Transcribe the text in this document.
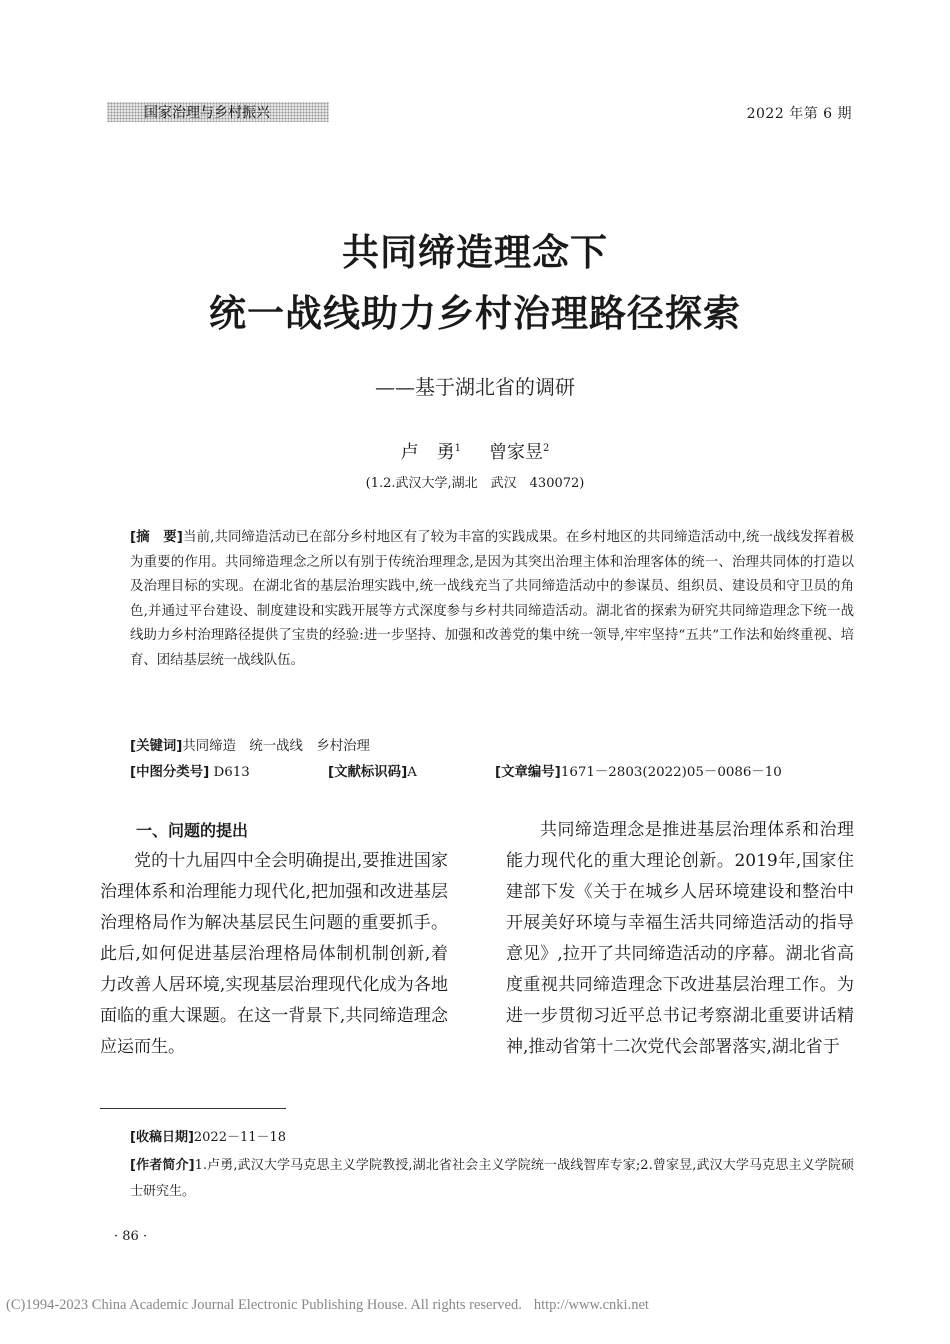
国家治理与乡村振兴	2022 年第 6 期
共同缔造理念下
统一战线助力乡村治理路径探索
——基于湖北省的调研
卢　勇$^1$ 曾家昱$^2$
(1.2.武汉大学,湖北　武汉　430072)
[摘　要]当前,共同缔造活动已在部分乡村地区有了较为丰富的实践成果。在乡村地区的共同缔造活动中,统一战线发挥着极为重要的作用。共同缔造理念之所以有别于传统治理理念,是因为其突出治理主体和治理客体的统一、治理共同体的打造以及治理目标的实现。在湖北省的基层治理实践中,统一战线充当了共同缔造活动中的参谋员、组织员、建设员和守卫员的角色,并通过平台建设、制度建设和实践开展等方式深度参与乡村共同缔造活动。湖北省的探索为研究共同缔造理念下统一战线助力乡村治理路径提供了宝贵的经验:进一步坚持、加强和改善党的集中统一领导,牢牢坚持“五共”工作法和始终重视、培育、团结基层统一战线队伍。
[关键词]共同缔造　统一战线　乡村治理
[中图分类号] D613	[文献标识码]A	[文章编号]1671－2803(2022)05－0086－10

一、问题的提出

党的十九届四中全会明确提出,要推进国家治理体系和治理能力现代化,把加强和改进基层治理格局作为解决基层民生问题的重要抓手。此后,如何促进基层治理格局体制机制创新,着力改善人居环境,实现基层治理现代化成为各地面临的重大课题。在这一背景下,共同缔造理念应运而生。

共同缔造理念是推进基层治理体系和治理能力现代化的重大理论创新。2019年,国家住建部下发《关于在城乡人居环境建设和整治中开展美好环境与幸福生活共同缔造活动的指导意见》,拉开了共同缔造活动的序幕。湖北省高度重视共同缔造理念下改进基层治理工作。为进一步贯彻习近平总书记考察湖北重要讲话精神,推动省第十二次党代会部署落实,湖北省于

[收稿日期]2022－11－18
[作者简介]1.卢勇,武汉大学马克思主义学院教授,湖北省社会主义学院统一战线智库专家;2.曾家昱,武汉大学马克思主义学院硕士研究生。
· 86 ·
(C)1994-2023 China Academic Journal Electronic Publishing House. All rights reserved. http://www.cnki.net
